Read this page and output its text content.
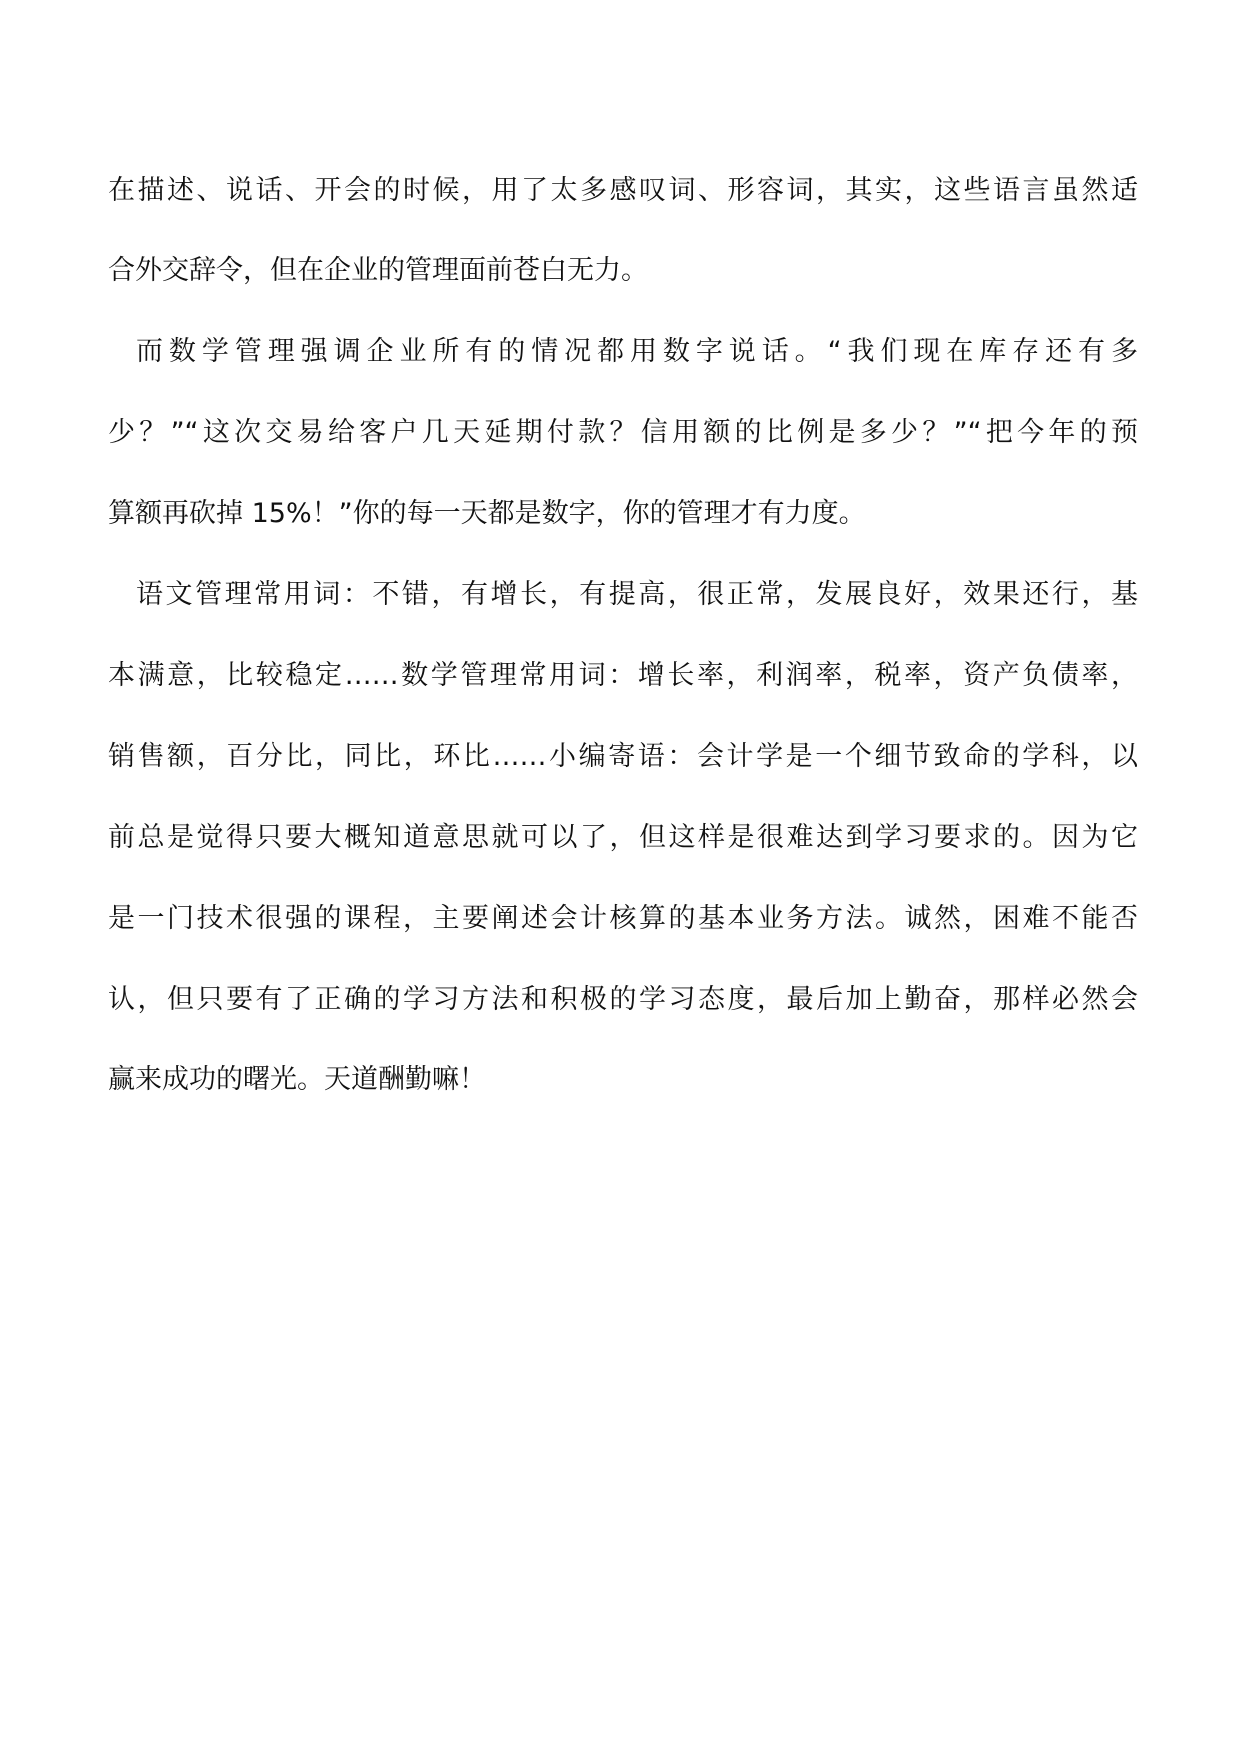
在描述、说话、开会的时候，用了太多感叹词、形容词，其实，这些语言虽然适
合外交辞令，但在企业的管理面前苍白无力。
而数学管理强调企业所有的情况都用数字说话。“我们现在库存还有多
少？”“这次交易给客户几天延期付款？信用额的比例是多少？”“把今年的预
算额再砍掉 15%！”你的每一天都是数字，你的管理才有力度。
语文管理常用词：不错，有增长，有提高，很正常，发展良好，效果还行，基
本满意，比较稳定……数学管理常用词：增长率，利润率，税率，资产负债率，
销售额，百分比，同比，环比……小编寄语：会计学是一个细节致命的学科，以
前总是觉得只要大概知道意思就可以了，但这样是很难达到学习要求的。因为它
是一门技术很强的课程，主要阐述会计核算的基本业务方法。诚然，困难不能否
认，但只要有了正确的学习方法和积极的学习态度，最后加上勤奋，那样必然会
赢来成功的曙光。天道酬勤嘛！
